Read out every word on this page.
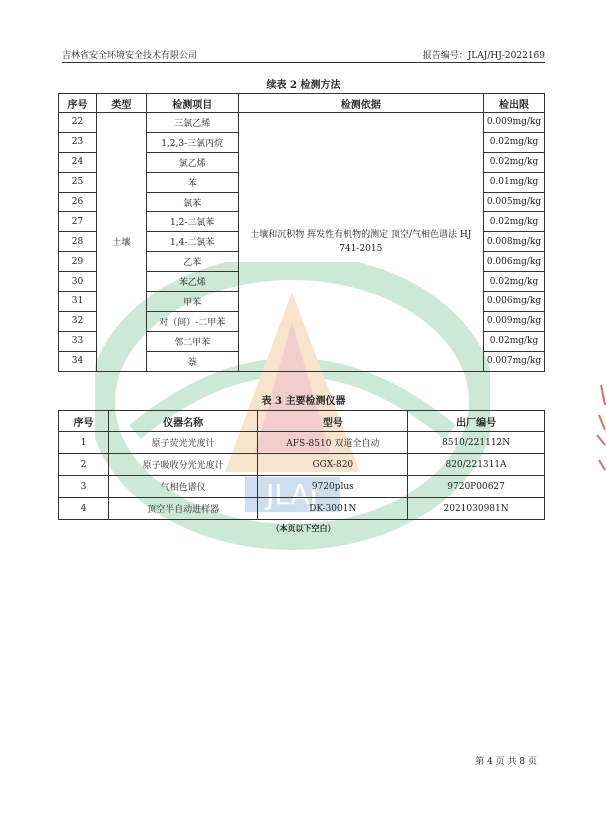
JLAJ
吉林省安全环境安全技术有限公司	报告编号：JLAJ/HJ-2022169
续表 2 检测方法
序号	类型	检测项目	检测依据	检出限
22	土壤	三氯乙烯	土壤和沉积物 挥发性有机物的测定 顶空/气相色谱法 HJ 741-2015	0.009mg/kg
23		1,2,3-三氯丙烷		0.02mg/kg
24		氯乙烯		0.02mg/kg
25		苯		0.01mg/kg
26		氯苯		0.005mg/kg
27		1,2-二氯苯		0.02mg/kg
28		1,4-二氯苯		0.008mg/kg
29		乙苯		0.006mg/kg
30		苯乙烯		0.02mg/kg
31		甲苯		0.006mg/kg
32		对（间）-二甲苯		0.009mg/kg
33		邻二甲苯		0.02mg/kg
34		萘		0.007mg/kg
表 3 主要检测仪器
序号	仪器名称	型号	出厂编号
1	原子荧光光度计	AFS-8510 双道全自动	8510/221112N
2	原子吸收分光光度计	GGX-820	820/221311A
3	气相色谱仪	9720plus	9720P00627
4	顶空半自动进样器	DK-3001N	2021030981N
（本页以下空白）
第 4 页 共 8 页
